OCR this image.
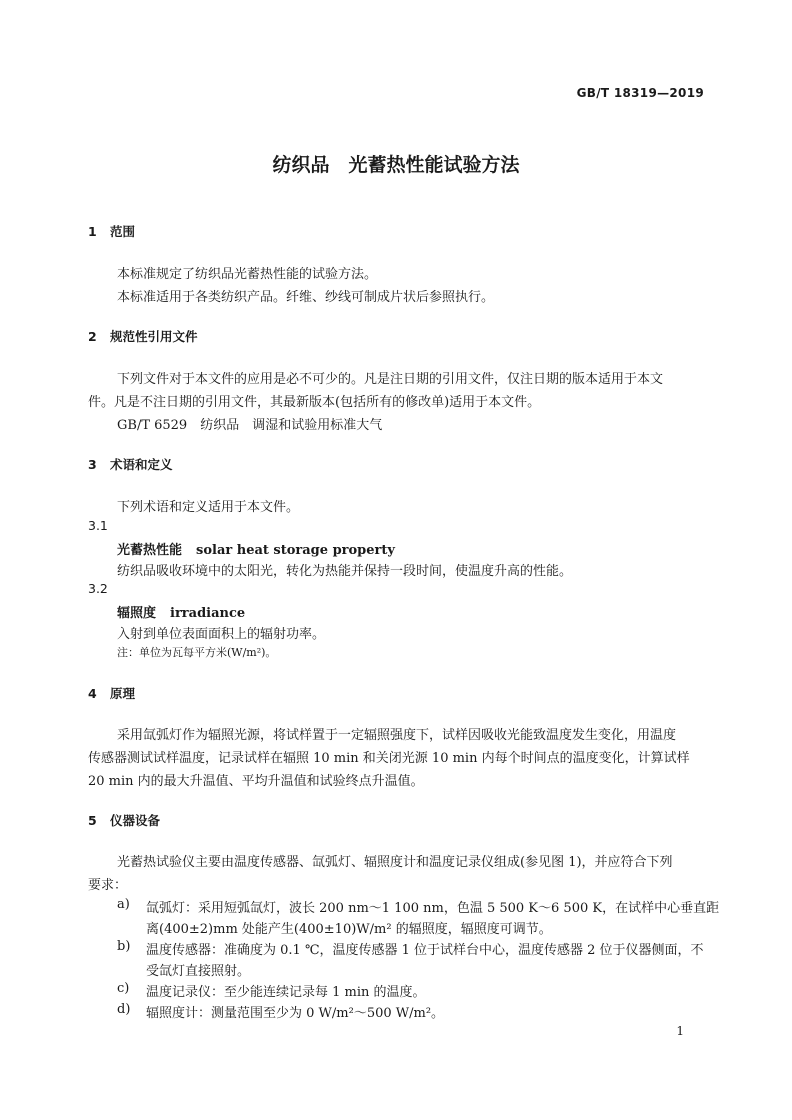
GB/T 18319—2019
纺织品　光蓄热性能试验方法
1 范围
本标准规定了纺织品光蓄热性能的试验方法。
本标准适用于各类纺织产品。纤维、纱线可制成片状后参照执行。
2 规范性引用文件
下列文件对于本文件的应用是必不可少的。凡是注日期的引用文件，仅注日期的版本适用于本文
件。凡是不注日期的引用文件，其最新版本(包括所有的修改单)适用于本文件。
GB/T 6529　纺织品　调湿和试验用标准大气
3 术语和定义
下列术语和定义适用于本文件。
3.1
光蓄热性能 solar heat storage property
纺织品吸收环境中的太阳光，转化为热能并保持一段时间，使温度升高的性能。
3.2
辐照度 irradiance
入射到单位表面面积上的辐射功率。
注：单位为瓦每平方米(W/m²)。
4 原理
采用氙弧灯作为辐照光源，将试样置于一定辐照强度下，试样因吸收光能致温度发生变化，用温度
传感器测试试样温度，记录试样在辐照 10 min 和关闭光源 10 min 内每个时间点的温度变化，计算试样
20 min 内的最大升温值、平均升温值和试验终点升温值。
5 仪器设备
光蓄热试验仪主要由温度传感器、氙弧灯、辐照度计和温度记录仪组成(参见图 1)，并应符合下列
要求：
a) 氙弧灯：采用短弧氙灯，波长 200 nm～1 100 nm，色温 5 500 K～6 500 K，在试样中心垂直距
离(400±2)mm 处能产生(400±10)W/m² 的辐照度，辐照度可调节。
b) 温度传感器：准确度为 0.1 ℃，温度传感器 1 位于试样台中心，温度传感器 2 位于仪器侧面，不
受氙灯直接照射。
c) 温度记录仪：至少能连续记录每 1 min 的温度。
d) 辐照度计：测量范围至少为 0 W/m²～500 W/m²。
1
